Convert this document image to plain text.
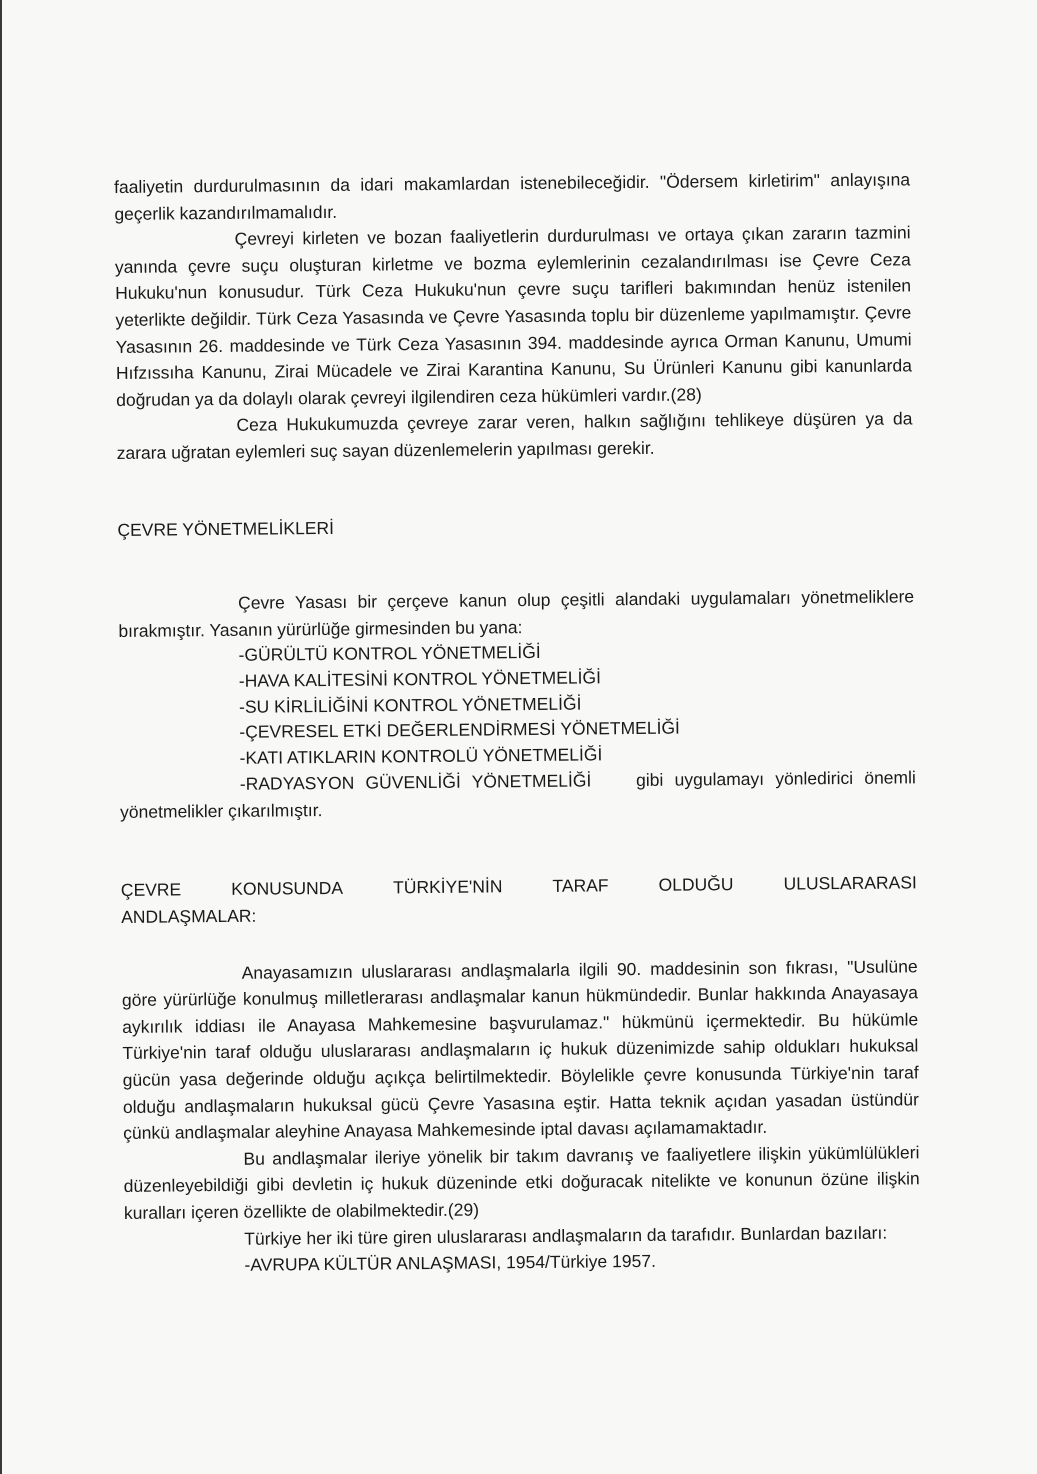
faaliyetin durdurulmasının da idari makamlardan istenebileceğidir. "Ödersem kirletirim" anlayışına geçerlik kazandırılmamalıdır.

Çevreyi kirleten ve bozan faaliyetlerin durdurulması ve ortaya çıkan zararın tazmini yanında çevre suçu oluşturan kirletme ve bozma eylemlerinin cezalandırılması ise Çevre Ceza Hukuku'nun konusudur. Türk Ceza Hukuku'nun çevre suçu tarifleri bakımından henüz istenilen yeterlikte değildir. Türk Ceza Yasasında ve Çevre Yasasında toplu bir düzenleme yapılmamıştır. Çevre Yasasının 26. maddesinde ve Türk Ceza Yasasının 394. maddesinde ayrıca Orman Kanunu, Umumi Hıfzıssıha Kanunu, Zirai Mücadele ve Zirai Karantina Kanunu, Su Ürünleri Kanunu gibi kanunlarda doğrudan ya da dolaylı olarak çevreyi ilgilendiren ceza hükümleri vardır.(28)

Ceza Hukukumuzda çevreye zarar veren, halkın sağlığını tehlikeye düşüren ya da zarara uğratan eylemleri suç sayan düzenlemelerin yapılması gerekir.

ÇEVRE YÖNETMELİKLERİ

Çevre Yasası bir çerçeve kanun olup çeşitli alandaki uygulamaları yönetmeliklere bırakmıştır. Yasanın yürürlüğe girmesinden bu yana:

-GÜRÜLTÜ KONTROL YÖNETMELİĞİ
-HAVA KALİTESİNİ KONTROL YÖNETMELİĞİ
-SU KİRLİLİĞİNİ KONTROL YÖNETMELİĞİ
-ÇEVRESEL ETKİ DEĞERLENDİRMESİ YÖNETMELİĞİ
-KATI ATIKLARIN KONTROLÜ YÖNETMELİĞİ

-RADYASYON GÜVENLİĞİ YÖNETMELİĞİ	gibi uygulamayı yönledirici önemli yönetmelikler çıkarılmıştır.

ÇEVRE	KONUSUNDA	TÜRKİYE'NİN	TARAF	OLDUĞU	ULUSLARARASI

ANDLAŞMALAR:

Anayasamızın uluslararası andlaşmalarla ilgili 90. maddesinin son fıkrası, "Usulüne göre yürürlüğe konulmuş milletlerarası andlaşmalar kanun hükmündedir. Bunlar hakkında Anayasaya aykırılık iddiası ile Anayasa Mahkemesine başvurulamaz." hükmünü içermektedir. Bu hükümle Türkiye'nin taraf olduğu uluslararası andlaşmaların iç hukuk düzenimizde sahip oldukları hukuksal gücün yasa değerinde olduğu açıkça belirtilmektedir. Böylelikle çevre konusunda Türkiye'nin taraf olduğu andlaşmaların hukuksal gücü Çevre Yasasına eştir. Hatta teknik açıdan yasadan üstündür çünkü andlaşmalar aleyhine Anayasa Mahkemesinde iptal davası açılamamaktadır.

Bu andlaşmalar ileriye yönelik bir takım davranış ve faaliyetlere ilişkin yükümlülükleri düzenleyebildiği gibi devletin iç hukuk düzeninde etki doğuracak nitelikte ve konunun özüne ilişkin kuralları içeren özellikte de olabilmektedir.(29)

Türkiye her iki türe giren uluslararası andlaşmaların da tarafıdır. Bunlardan bazıları:

-AVRUPA KÜLTÜR ANLAŞMASI, 1954/Türkiye 1957.
